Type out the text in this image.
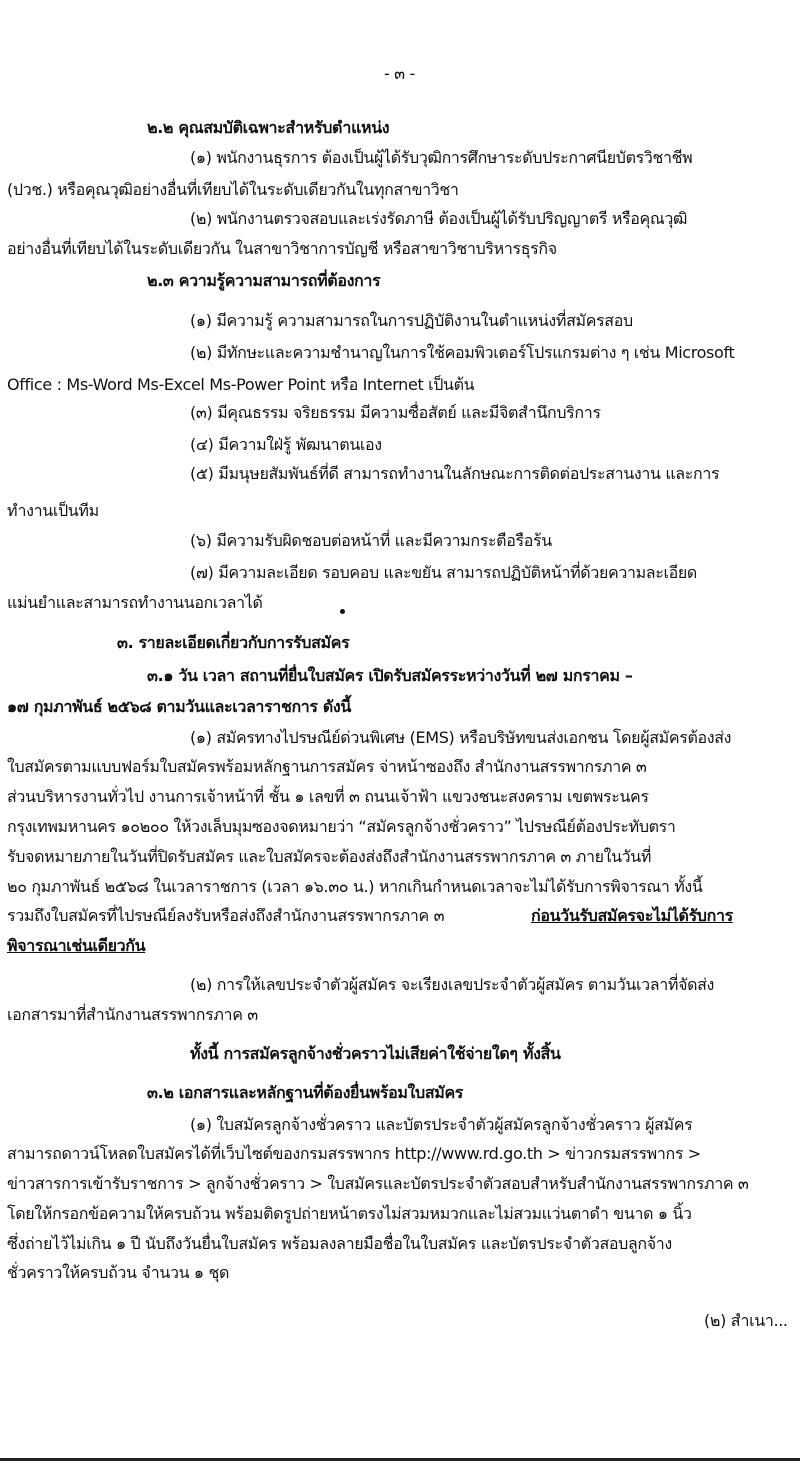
- ๓ -
๒.๒ คุณสมบัติเฉพาะสำหรับตำแหน่ง
(๑) พนักงานธุรการ ต้องเป็นผู้ได้รับวุฒิการศึกษาระดับประกาศนียบัตรวิชาชีพ
(ปวช.) หรือคุณวุฒิอย่างอื่นที่เทียบได้ในระดับเดียวกันในทุกสาขาวิชา
(๒) พนักงานตรวจสอบและเร่งรัดภาษี ต้องเป็นผู้ได้รับปริญญาตรี หรือคุณวุฒิ
อย่างอื่นที่เทียบได้ในระดับเดียวกัน ในสาขาวิชาการบัญชี หรือสาขาวิชาบริหารธุรกิจ
๒.๓ ความรู้ความสามารถที่ต้องการ
(๑) มีความรู้ ความสามารถในการปฏิบัติงานในตำแหน่งที่สมัครสอบ
(๒) มีทักษะและความชำนาญในการใช้คอมพิวเตอร์โปรแกรมต่าง ๆ เช่น Microsoft
Office : Ms-Word Ms-Excel Ms-Power Point หรือ Internet เป็นต้น
(๓) มีคุณธรรม จริยธรรม มีความซื่อสัตย์ และมีจิตสำนึกบริการ
(๔) มีความใฝ่รู้ พัฒนาตนเอง
(๕) มีมนุษยสัมพันธ์ที่ดี สามารถทำงานในลักษณะการติดต่อประสานงาน และการ
ทำงานเป็นทีม
(๖) มีความรับผิดชอบต่อหน้าที่ และมีความกระตือรือร้น
(๗) มีความละเอียด รอบคอบ และขยัน สามารถปฏิบัติหน้าที่ด้วยความละเอียด
แม่นยำและสามารถทำงานนอกเวลาได้
๓. รายละเอียดเกี่ยวกับการรับสมัคร
๓.๑ วัน เวลา สถานที่ยื่นใบสมัคร เปิดรับสมัครระหว่างวันที่ ๒๗ มกราคม –
๑๗ กุมภาพันธ์ ๒๕๖๘ ตามวันและเวลาราชการ ดังนี้
(๑) สมัครทางไปรษณีย์ด่วนพิเศษ (EMS) หรือบริษัทขนส่งเอกชน โดยผู้สมัครต้องส่ง
ใบสมัครตามแบบฟอร์มใบสมัครพร้อมหลักฐานการสมัคร จ่าหน้าซองถึง สำนักงานสรรพากรภาค ๓
ส่วนบริหารงานทั่วไป งานการเจ้าหน้าที่ ชั้น ๑ เลขที่ ๓ ถนนเจ้าฟ้า แขวงชนะสงคราม เขตพระนคร
กรุงเทพมหานคร ๑๐๒๐๐ ให้วงเล็บมุมซองจดหมายว่า “สมัครลูกจ้างชั่วคราว” ไปรษณีย์ต้องประทับตรา
รับจดหมายภายในวันที่ปิดรับสมัคร และใบสมัครจะต้องส่งถึงสำนักงานสรรพากรภาค ๓ ภายในวันที่
๒๐ กุมภาพันธ์ ๒๕๖๘ ในเวลาราชการ (เวลา ๑๖.๓๐ น.) หากเกินกำหนดเวลาจะไม่ได้รับการพิจารณา ทั้งนี้
รวมถึงใบสมัครที่ไปรษณีย์ลงรับหรือส่งถึงสำนักงานสรรพากรภาค ๓	ก่อนวันรับสมัครจะไม่ได้รับการ
พิจารณาเช่นเดียวกัน
(๒) การให้เลขประจำตัวผู้สมัคร จะเรียงเลขประจำตัวผู้สมัคร ตามวันเวลาที่จัดส่ง
เอกสารมาที่สำนักงานสรรพากรภาค ๓
ทั้งนี้ การสมัครลูกจ้างชั่วคราวไม่เสียค่าใช้จ่ายใดๆ ทั้งสิ้น
๓.๒ เอกสารและหลักฐานที่ต้องยื่นพร้อมใบสมัคร
(๑) ใบสมัครลูกจ้างชั่วคราว และบัตรประจำตัวผู้สมัครลูกจ้างชั่วคราว ผู้สมัคร
สามารถดาวน์โหลดใบสมัครได้ที่เว็บไซต์ของกรมสรรพากร http://www.rd.go.th > ข่าวกรมสรรพากร >
ข่าวสารการเข้ารับราชการ > ลูกจ้างชั่วคราว > ใบสมัครและบัตรประจำตัวสอบสำหรับสำนักงานสรรพากรภาค ๓
โดยให้กรอกข้อความให้ครบถ้วน พร้อมติดรูปถ่ายหน้าตรงไม่สวมหมวกและไม่สวมแว่นตาดำ ขนาด ๑ นิ้ว
ซึ่งถ่ายไว้ไม่เกิน ๑ ปี นับถึงวันยื่นใบสมัคร พร้อมลงลายมือชื่อในใบสมัคร และบัตรประจำตัวสอบลูกจ้าง
ชั่วคราวให้ครบถ้วน จำนวน ๑ ชุด
(๒) สำเนา...
